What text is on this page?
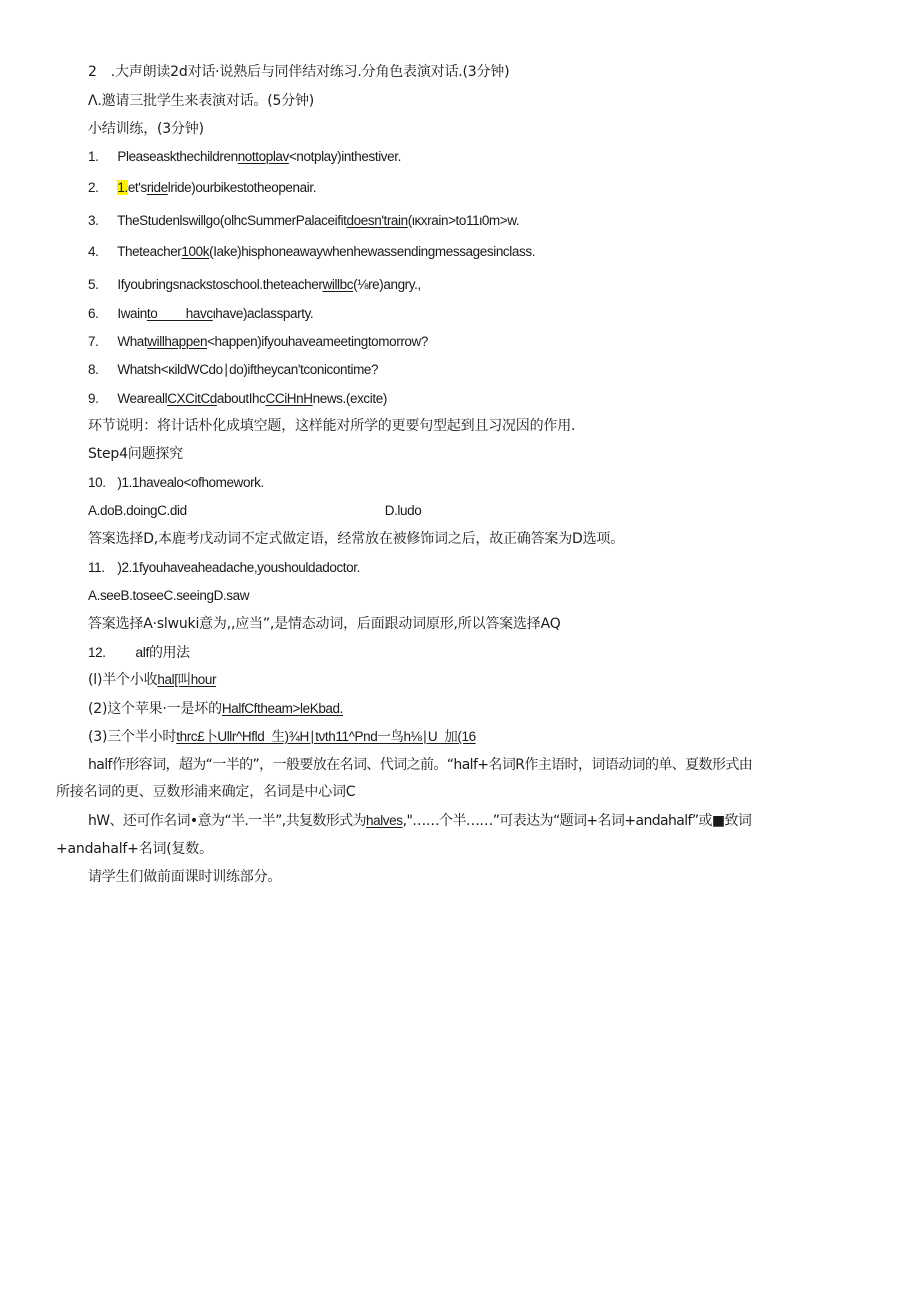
2 .大声朗读2d对话·说熟后与同伴结对练习.分角色表演对话.(3分钟)
Λ.邀请三批学生来表演对话。(5分钟)
小结训练，(3分钟)
1. Pleaseaskthechildrennottoplav<notplay)inthestiver.
2. 1.et'sridelride)ourbikestotheopenair.
3. TheStudenlswillgo(olhcSummerPalaceifitdoesn'train(ικxrain>to11ι0m>w.
4. Theteacher100k(Iake)hisphoneawaywhenhewassendingmessagesinclass.
5. Ifyoubringsnackstoschool.theteacherwillbc(⅛re)angry.,
6. Iwainto____havcιhave)aclassparty.
7. Whatwillhappen<happen)ifyouhaveameetingtomorrow?
8. Whatsh<κildWCdo∣do)iftheycan'tconicontime?
9. WeareallCXCitCdaboutIhcCCiHnHnews.(excite)
环节说明：将计话朴化成填空题，这样能对所学的更要句型起到且习况因的作用.
Step4问题探究
10. )1.1havealo<ofhomework.
A.doB.doingC.did	D.ludo
答案选择D,本鹿考戊动词不定式做定语，经常放在被修饰词之后，故正确答案为D选项。
11. )2.1fyouhaveaheadache,youshouldadoctor.
A.seeB.toseeC.seeingD.saw
答案选择A·slwuki意为,,应当”,是情态动词，后面跟动词原形,所以答案选择AQ
12. alf的用法
(l)半个小收hal[叫hour
(2)这个苹果·一是坏的HalfCftheam>leKbad.
(3)三个半小时thrc£卜Ullr^Hfld_生)¾H∣tνth11^Pnd一鸟h⅛∣U_加(16
half作形容词，超为“一半的”，一般要放在名词、代词之前。“half+名词R作主语时，词语动词的单、夏数形式由
所接名词的更、豆数形浦来确定，名词是中心词C
hW、还可作名词•意为“半.一半”,共复数形式为halves,"……个半……”可表达为“题词+名词+andahalf”或■致词
+andahalf+名词(复数。
请学生们做前面课时训练部分。
